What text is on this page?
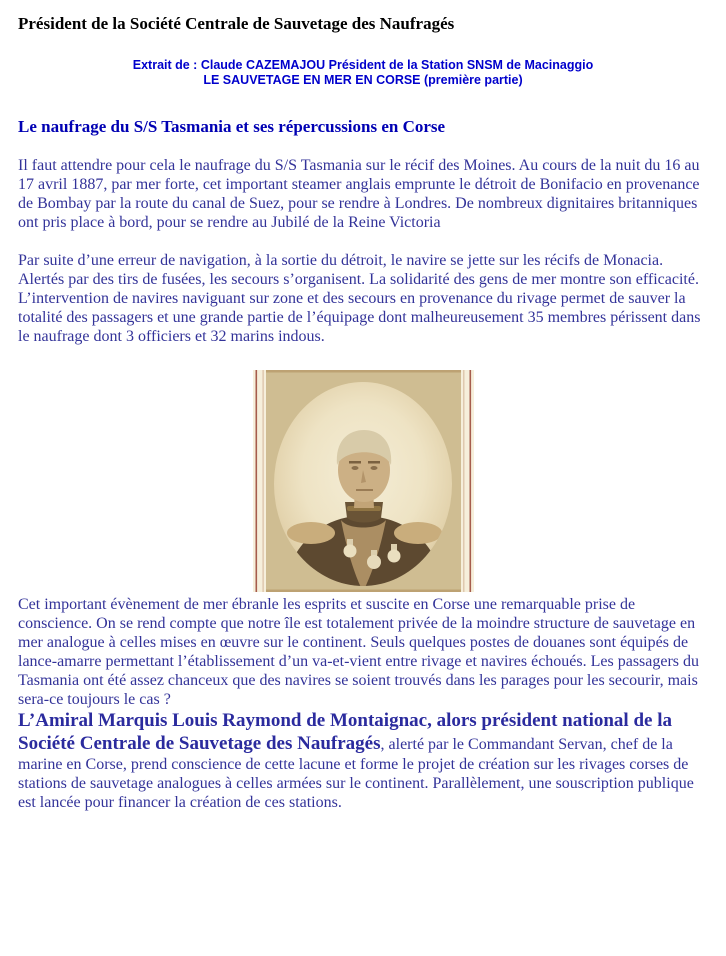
Président de la Société Centrale de Sauvetage des Naufragés
Extrait de : Claude CAZEMAJOU Président de la Station SNSM de Macinaggio
LE SAUVETAGE EN MER EN CORSE (première partie)
Le naufrage du S/S Tasmania et ses répercussions en Corse

Il faut attendre pour cela le naufrage du S/S Tasmania sur le récif des Moines. Au cours de la nuit du 16 au 17 avril 1887, par mer forte, cet important steamer anglais emprunte le détroit de Bonifacio en provenance de Bombay par la route du canal de Suez, pour se rendre à Londres. De nombreux dignitaires britanniques ont pris place à bord, pour se rendre au Jubilé de la Reine Victoria

Par suite d’une erreur de navigation, à la sortie du détroit, le navire se jette sur les récifs de Monacia. Alertés par des tirs de fusées, les secours s’organisent. La solidarité des gens de mer montre son efficacité. L’intervention de navires naviguant sur zone et des secours en provenance du rivage permet de sauver la totalité des passagers et une grande partie de l’équipage dont malheureusement 35 membres périssent dans le naufrage dont 3 officiers et 32 marins indous.

Cet important évènement de mer ébranle les esprits et suscite en Corse une remarquable prise de conscience. On se rend compte que notre île est totalement privée de la moindre structure de sauvetage en mer analogue à celles mises en œuvre sur le continent. Seuls quelques postes de douanes sont équipés de lance-amarre permettant l’établissement d’un va-et-vient entre rivage et navires échoués. Les passagers du Tasmania ont été assez chanceux que des navires se soient trouvés dans les parages pour les secourir, mais sera-ce toujours le cas ?

L’Amiral Marquis Louis Raymond de Montaignac, alors président national de la Société Centrale de Sauvetage des Naufragés, alerté par le Commandant Servan, chef de la marine en Corse, prend conscience de cette lacune et forme le projet de création sur les rivages corses de stations de sauvetage analogues à celles armées sur le continent. Parallèlement, une souscription publique est lancée pour financer la création de ces stations.
